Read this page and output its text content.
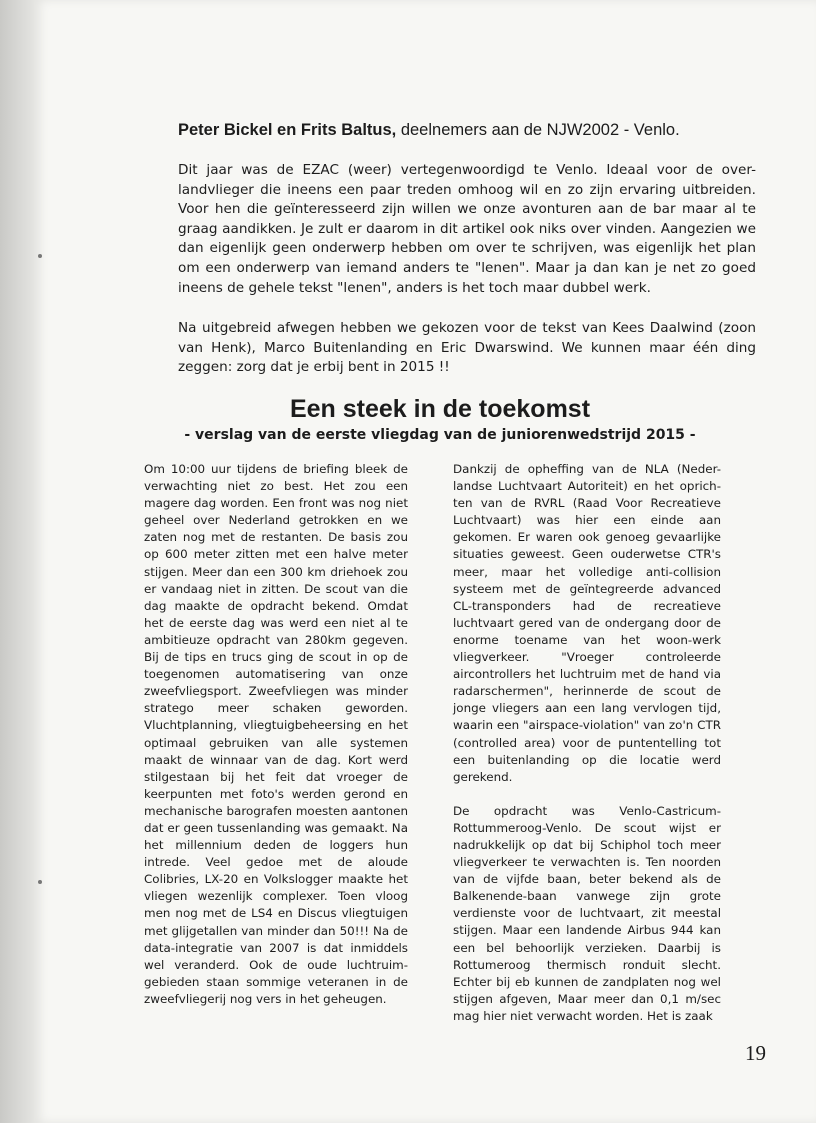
Peter Bickel en Frits Baltus, deelnemers aan de NJW2002 - Venlo.

Dit jaar was de EZAC (weer) vertegenwoordigd te Venlo. Ideaal voor de over-landvlieger die ineens een paar treden omhoog wil en zo zijn ervaring uitbreiden. Voor hen die geïnteresseerd zijn willen we onze avonturen aan de bar maar al te graag aandikken. Je zult er daarom in dit artikel ook niks over vinden. Aangezien we dan eigenlijk geen onderwerp hebben om over te schrijven, was eigenlijk het plan om een onderwerp van iemand anders te "lenen". Maar ja dan kan je net zo goed ineens de gehele tekst "lenen", anders is het toch maar dubbel werk.

Na uitgebreid afwegen hebben we gekozen voor de tekst van Kees Daalwind (zoon van Henk), Marco Buitenlanding en Eric Dwarswind. We kunnen maar één ding zeggen: zorg dat je erbij bent in 2015 !!

Een steek in de toekomst
- verslag van de eerste vliegdag van de juniorenwedstrijd 2015 -

Om 10:00 uur tijdens de briefing bleek de verwachting niet zo best. Het zou een magere dag worden. Een front was nog niet geheel over Nederland getrokken en we zaten nog met de restanten. De basis zou op 600 meter zitten met een halve meter stijgen. Meer dan een 300 km driehoek zou er vandaag niet in zitten. De scout van die dag maakte de opdracht bekend. Omdat het de eerste dag was werd een niet al te ambitieuze opdracht van 280km gegeven. Bij de tips en trucs ging de scout in op de toegenomen automatisering van onze zweefvliegsport. Zweefvliegen was minder stratego meer schaken geworden. Vluchtplanning, vliegtuigbeheersing en het optimaal gebruiken van alle systemen maakt de winnaar van de dag. Kort werd stilgestaan bij het feit dat vroeger de keerpunten met foto's werden gerond en mechanische barografen moesten aantonen dat er geen tussenlanding was gemaakt. Na het millennium deden de loggers hun intrede. Veel gedoe met de aloude Colibries, LX-20 en Volkslogger maakte het vliegen wezenlijk complexer. Toen vloog men nog met de LS4 en Discus vliegtuigen met glijgetallen van minder dan 50!!! Na de data-integratie van 2007 is dat inmiddels wel veranderd. Ook de oude luchtruim-gebieden staan sommige veteranen in de zweefvliegerij nog vers in het geheugen.

Dankzij de opheffing van de NLA (Neder-landse Luchtvaart Autoriteit) en het oprich-ten van de RVRL (Raad Voor Recreatieve Luchtvaart) was hier een einde aan gekomen. Er waren ook genoeg gevaarlijke situaties geweest. Geen ouderwetse CTR's meer, maar het volledige anti-collision systeem met de geïntegreerde advanced CL-transponders had de recreatieve luchtvaart gered van de ondergang door de enorme toename van het woon-werk vliegverkeer. "Vroeger controleerde aircontrollers het luchtruim met de hand via radarschermen", herinnerde de scout de jonge vliegers aan een lang vervlogen tijd, waarin een "airspace-violation" van zo'n CTR (controlled area) voor de puntentelling tot een buitenlanding op die locatie werd gerekend.

De opdracht was Venlo-Castricum-Rottummeroog-Venlo. De scout wijst er nadrukkelijk op dat bij Schiphol toch meer vliegverkeer te verwachten is. Ten noorden van de vijfde baan, beter bekend als de Balkenende-baan vanwege zijn grote verdienste voor de luchtvaart, zit meestal stijgen. Maar een landende Airbus 944 kan een bel behoorlijk verzieken. Daarbij is Rottumeroog thermisch ronduit slecht. Echter bij eb kunnen de zandplaten nog wel stijgen afgeven, Maar meer dan 0,1 m/sec mag hier niet verwacht worden. Het is zaak

19
